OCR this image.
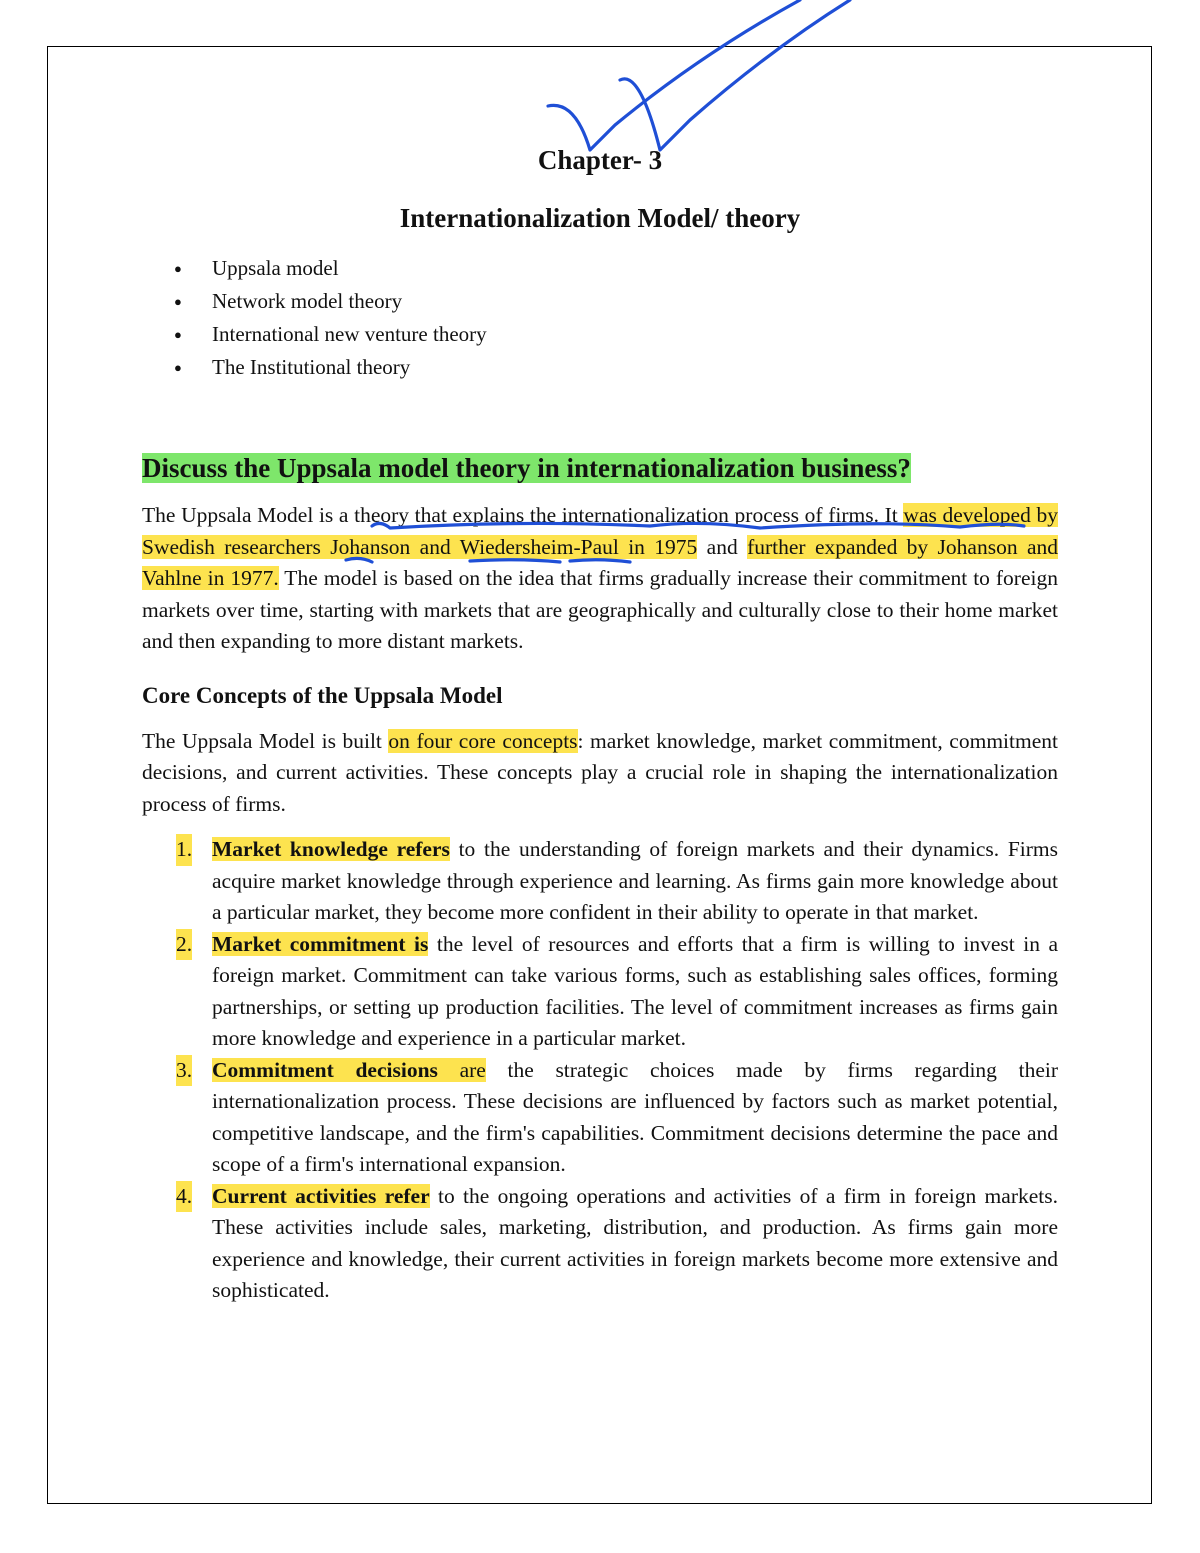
Chapter- 3
Internationalization Model/ theory
● Uppsala model
● Network model theory
● International new venture theory
● The Institutional theory
Discuss the Uppsala model theory in internationalization business?

The Uppsala Model is a theory that explains the internationalization process of firms. It was developed by Swedish researchers Johanson and Wiedersheim-Paul in 1975 and further expanded by Johanson and Vahlne in 1977. The model is based on the idea that firms gradually increase their commitment to foreign markets over time, starting with markets that are geographically and culturally close to their home market and then expanding to more distant markets.

Core Concepts of the Uppsala Model

The Uppsala Model is built on four core concepts: market knowledge, market commitment, commitment decisions, and current activities. These concepts play a crucial role in shaping the internationalization process of firms.

1. Market knowledge refers to the understanding of foreign markets and their dynamics. Firms acquire market knowledge through experience and learning. As firms gain more knowledge about a particular market, they become more confident in their ability to operate in that market.
2. Market commitment is the level of resources and efforts that a firm is willing to invest in a foreign market. Commitment can take various forms, such as establishing sales offices, forming partnerships, or setting up production facilities. The level of commitment increases as firms gain more knowledge and experience in a particular market.
3. Commitment decisions are the strategic choices made by firms regarding their internationalization process. These decisions are influenced by factors such as market potential, competitive landscape, and the firm's capabilities. Commitment decisions determine the pace and scope of a firm's international expansion.
4. Current activities refer to the ongoing operations and activities of a firm in foreign markets. These activities include sales, marketing, distribution, and production. As firms gain more experience and knowledge, their current activities in foreign markets become more extensive and sophisticated.
